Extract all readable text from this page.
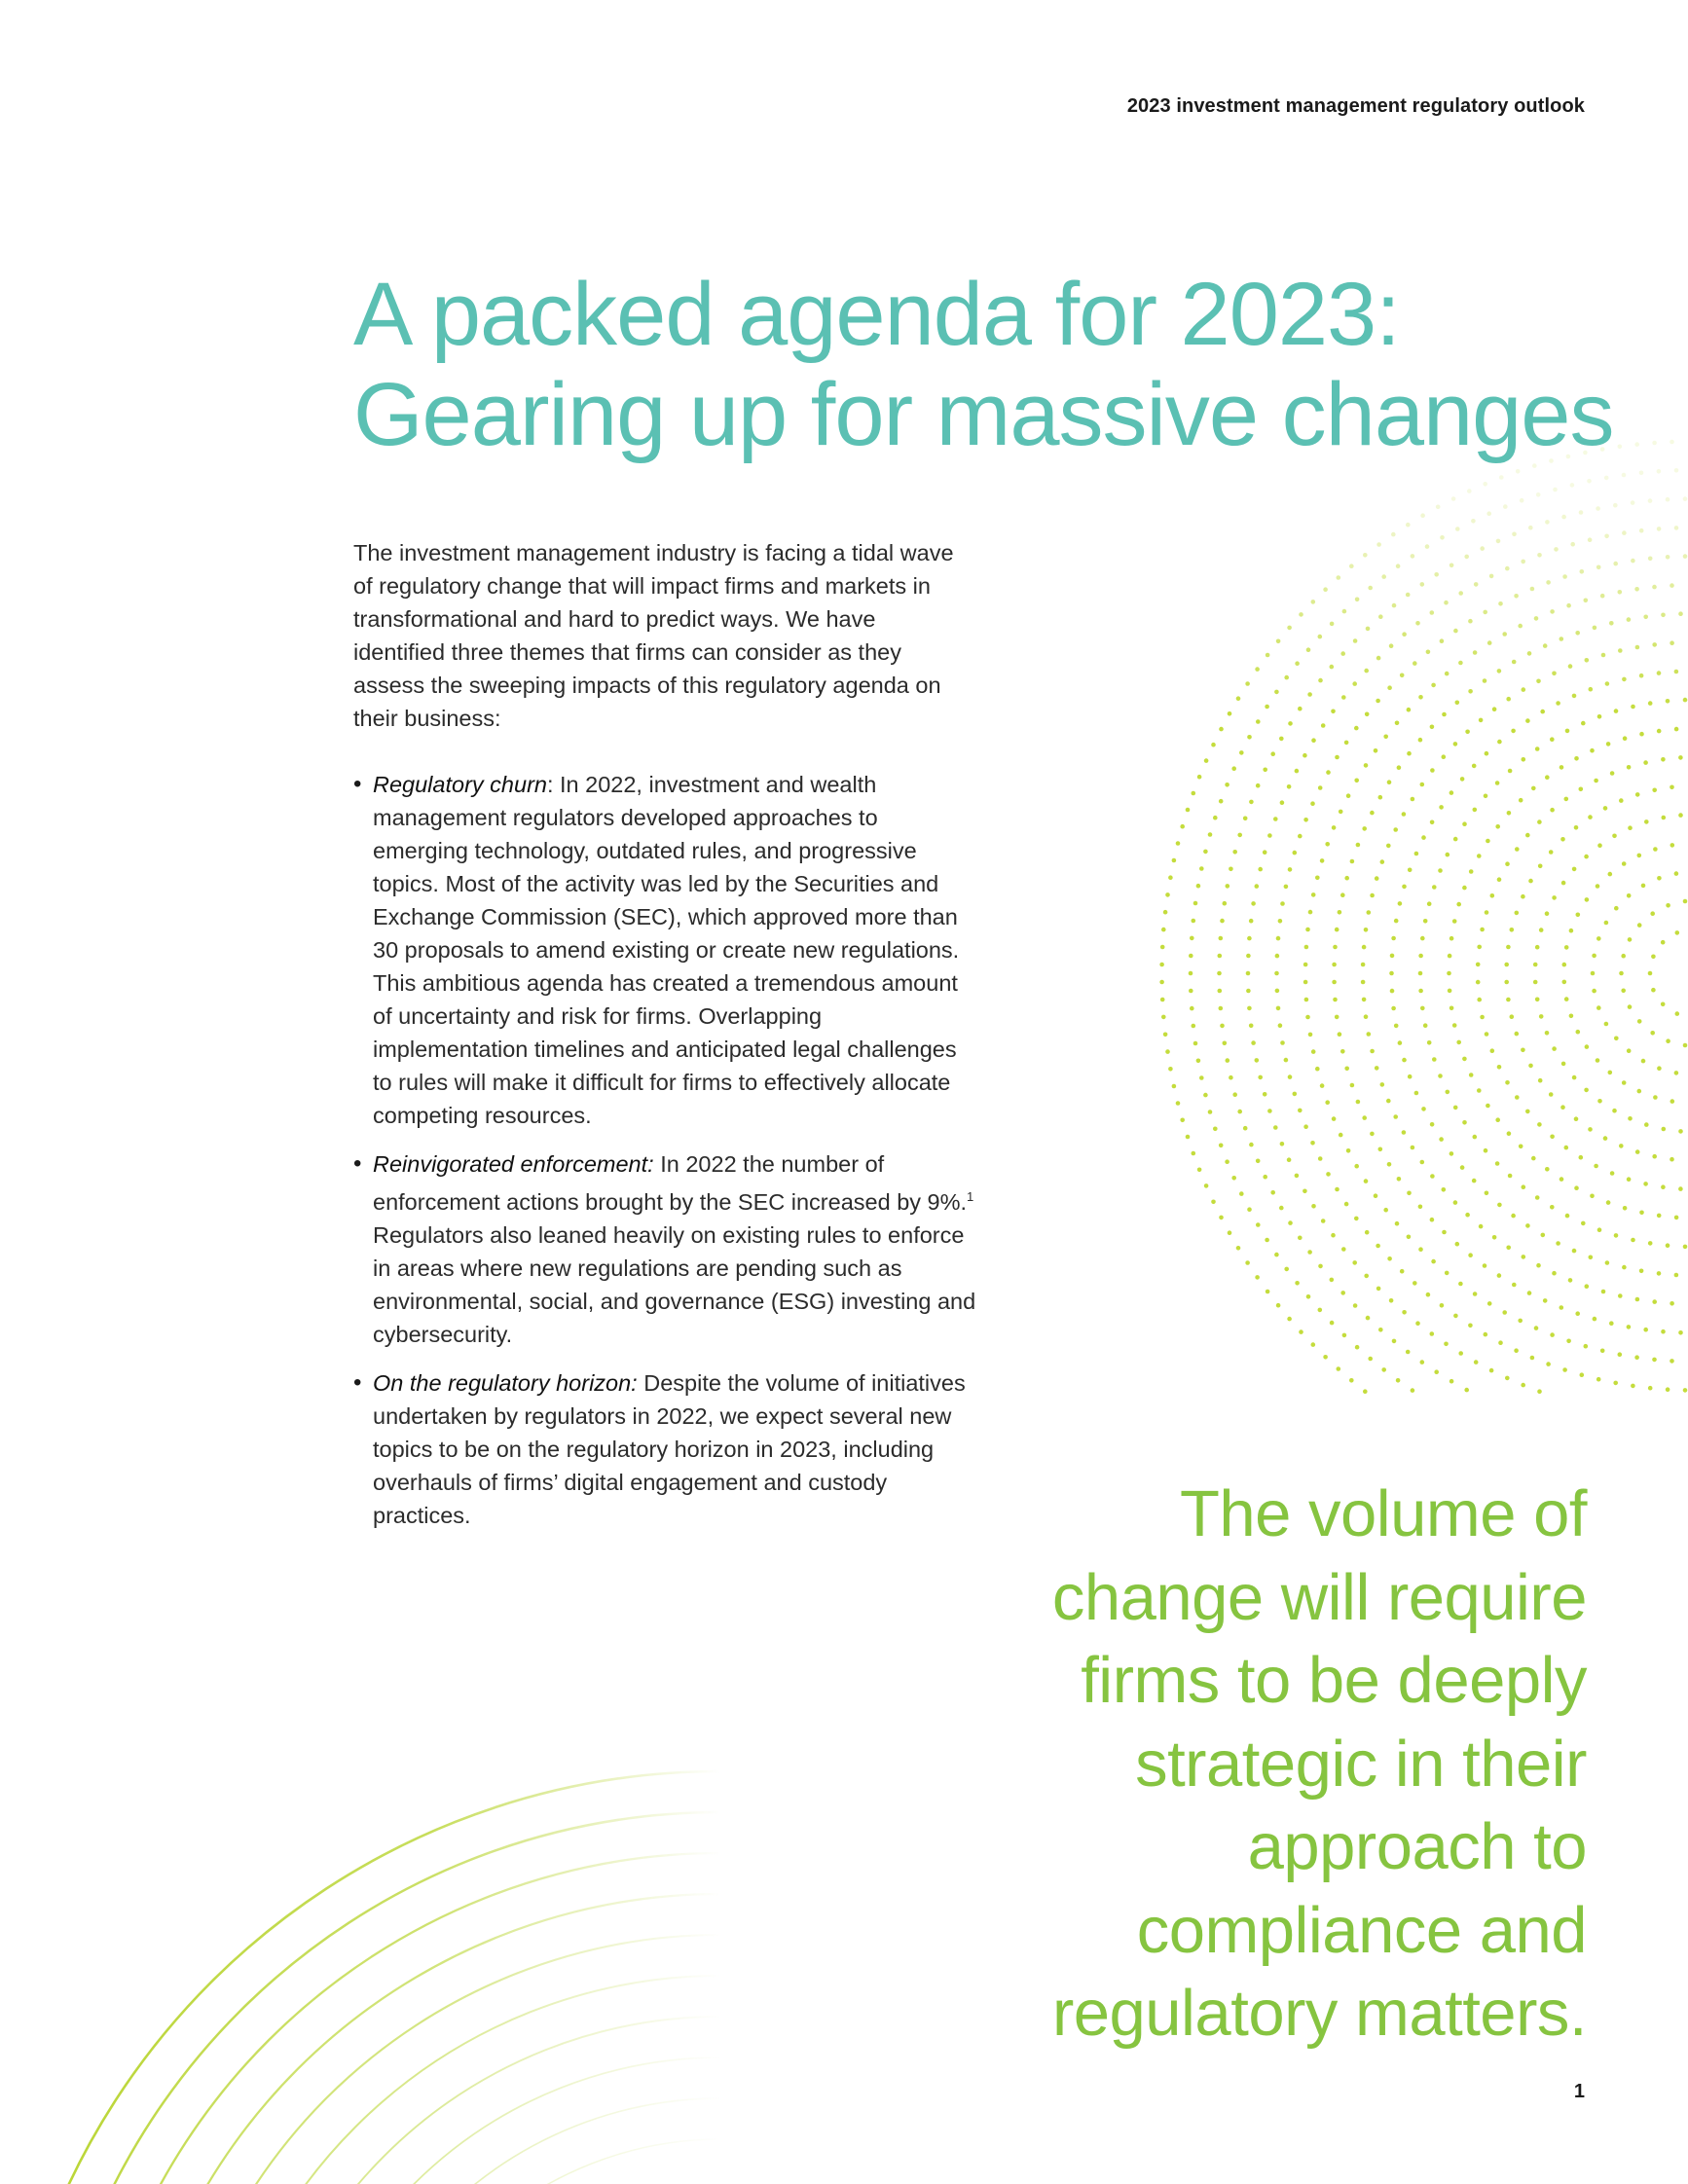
2023 investment management regulatory outlook
A packed agenda for 2023:
Gearing up for massive changes

The investment management industry is facing a tidal wave of regulatory change that will impact firms and markets in transformational and hard to predict ways. We have identified three themes that firms can consider as they assess the sweeping impacts of this regulatory agenda on their business:

• Regulatory churn: In 2022, investment and wealth management regulators developed approaches to emerging technology, outdated rules, and progressive topics. Most of the activity was led by the Securities and Exchange Commission (SEC), which approved more than 30 proposals to amend existing or create new regulations. This ambitious agenda has created a tremendous amount of uncertainty and risk for firms. Overlapping implementation timelines and anticipated legal challenges to rules will make it difficult for firms to effectively allocate competing resources.
• Reinvigorated enforcement: In 2022 the number of enforcement actions brought by the SEC increased by 9%.$^1$ Regulators also leaned heavily on existing rules to enforce in areas where new regulations are pending such as environmental, social, and governance (ESG) investing and cybersecurity.
• On the regulatory horizon: Despite the volume of initiatives undertaken by regulators in 2022, we expect several new topics to be on the regulatory horizon in 2023, including overhauls of firms’ digital engagement and custody practices.	The volume of
change will require
firms to be deeply
strategic in their
approach to
compliance and
regulatory matters.
1
